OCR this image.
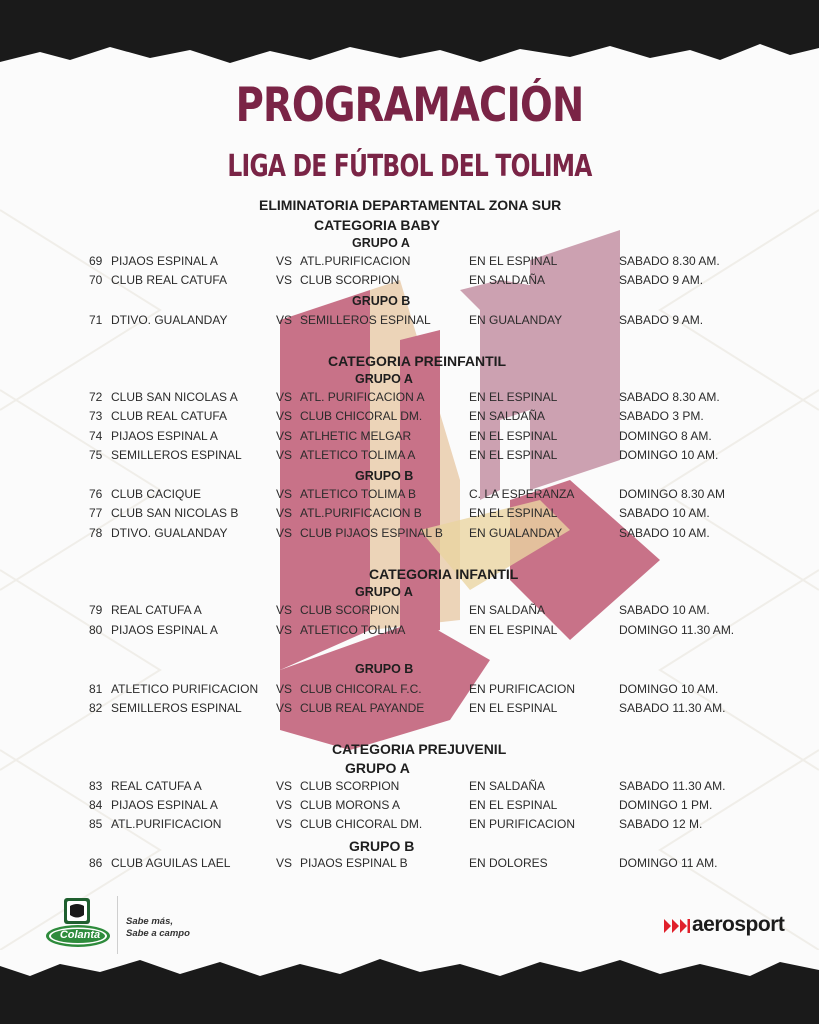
PROGRAMACIÓN
LIGA DE FÚTBOL DEL TOLIMA
ELIMINATORIA DEPARTAMENTAL ZONA SUR
CATEGORIA BABY
GRUPO A
GRUPO B
CATEGORIA PREINFANTIL
GRUPO A
GRUPO B
CATEGORIA INFANTIL
GRUPO A
GRUPO B
CATEGORIA PREJUVENIL
GRUPO A
GRUPO B
69 PIJAOS ESPINAL A	VS ATL.PURIFICACION	EN EL ESPINAL	SABADO 8.30 AM.
70 CLUB REAL CATUFA	VS CLUB SCORPION	EN SALDAÑA	SABADO 9 AM.
71 DTIVO. GUALANDAY	VS SEMILLEROS ESPINAL	EN GUALANDAY	SABADO 9 AM.
72 CLUB SAN NICOLAS A	VS ATL. PURIFICACION A	EN EL ESPINAL	SABADO 8.30 AM.
73 CLUB REAL CATUFA	VS CLUB CHICORAL DM.	EN SALDAÑA	SABADO 3 PM.
74 PIJAOS ESPINAL A	VS ATLHETIC MELGAR	EN EL ESPINAL	DOMINGO 8 AM.
75 SEMILLEROS ESPINAL	VS ATLETICO TOLIMA A	EN EL ESPINAL	DOMINGO 10 AM.
76 CLUB CACIQUE	VS ATLETICO TOLIMA B	C. LA ESPERANZA	DOMINGO 8.30 AM
77 CLUB SAN NICOLAS B	VS ATL.PURIFICACION B	EN EL ESPINAL	SABADO 10 AM.
78 DTIVO. GUALANDAY	VS CLUB PIJAOS ESPINAL B EN GUALANDAY	SABADO 10 AM.
79 REAL CATUFA A	VS CLUB SCORPION	EN SALDAÑA	SABADO 10 AM.
80 PIJAOS ESPINAL A	VS ATLETICO TOLIMA	EN EL ESPINAL	DOMINGO 11.30 AM.
81 ATLETICO PURIFICACION VS CLUB CHICORAL F.C.	EN PURIFICACION	DOMINGO 10 AM.
82 SEMILLEROS ESPINAL	VS CLUB REAL PAYANDE	EN EL ESPINAL	SABADO 11.30 AM.
83 REAL CATUFA A	VS CLUB SCORPION	EN SALDAÑA	SABADO 11.30 AM.
84 PIJAOS ESPINAL A	VS CLUB MORONS A	EN EL ESPINAL	DOMINGO 1 PM.
85 ATL.PURIFICACION	VS CLUB CHICORAL DM.	EN PURIFICACION	SABADO 12 M.
86 CLUB AGUILAS LAEL	VS PIJAOS ESPINAL B	EN DOLORES	DOMINGO 11 AM.
Colanta
Sabe más,
Sabe a campo	aerosport
